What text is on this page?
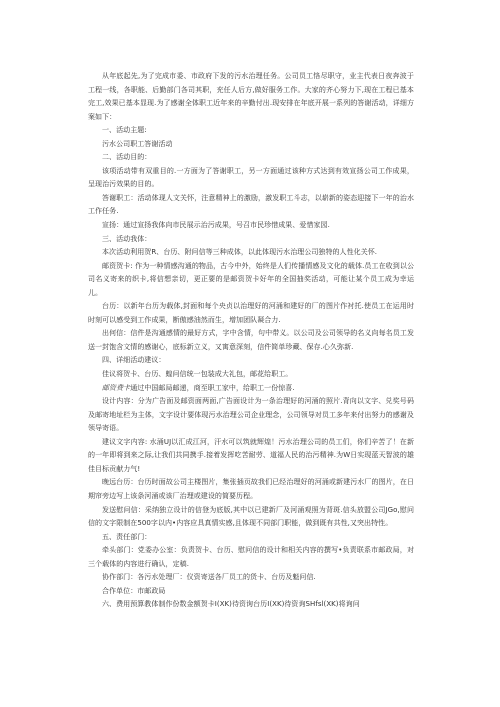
从年底起先,为了完成市委、市政府下发的污水治理任务。公司员工恪尽职守，业主代表日夜奔波于工程一线，各职能、后勤部门各司其职，充任人后方,做好服务工作。大家的齐心努力下,现在工程已基本完工,效果已基本显现.为了感谢全体职工近年来的辛勤付出.现安排在年底开展一系列的答谢活动，详细方案如下：

一、活动主题:

污水公司职工答谢活动

二、活动目的：

该项活动带有双重目的.一方面为了答谢职工，另一方面通过该种方式达到有效宣扬公司工作成果，呈现治污效果的目的。

答谢职工：活动体现人文关怀，注意精神上的激励，激发职工斗志，以崭新的姿态迎接下一年的治水工作任务.

宣扬：通过宣扬我体向市民展示治污成果，号召市民珍惜成果、爱惜家园.

三、活动我体：

本次活动利用贺R、台历、附问信等三种成体，以此体现污水治理公司独特的人性化关怀.

邮资贺卡: 作为一种情感沟通的物品，古今中外，始终是人们传播情感及文化的载体.员工在收到以公司名义寄来的织卡,将信想亲切，更正要的是邮资贺卡好年的全国抽奖活动，可能让某个员工成为幸运儿。

台历：以新年台历为载体,封面和每个央贞以治理好的河涌和建好的厂的图片作衬托.使员工在运用时时刻可以感受到工作成果，断傲感油然而生，增加团队凝合力.

出何信：信件是沟通感情的最好方式，字中含情，句中带义。以公司及公司领导的名义向每名员工发送一封饱含文情的感谢心，底标新立义，又寓意深刻，信件简单珍藏、保存.心久弥新.

四、详细活动建议：

佳议将贺卡、台历、蝗问信统一包装成大礼包，邮花给职工。

邮资费卡通过中国邮局邮递，商至职工家中，给职工一份惊喜.

设计内容：分为广告面及邮资面两面,广告面设计为一条治理好的河涌的照片.背向以文字、兑奖号码及邮寄地址栏为主体，文字设计要体现污水治理公司企业理念，公司领导对员工多年来付出努力的感谢及领导寄语。

建议文字内容: 水涌UJ以汇成江河，汗水可以筑就辉煌！污水治理公司的员工们，你们辛苦了！在新的一年即将到来之际,让我们共同携手.接着发挥吃苦耐劳、道福人民的治污精神.为W日实现蓝天智波的雄佳目标贡献力气!

晚远台历：台历时面故公司主楼图片，集张插页故我们已经治理好的河涌或新建污水厂的图片，在日期帘旁边写上该条河涌或该厂治理或建设的简要历程。

发送慰问信：采纳独立设计的信登为底版,其中以已建新厂及河涌观照为背斑.信头放盟公司JGo,慰问信的文字限制在500字以内•内容应具真情实感,且体现不同部门职能，做到既有共性,又突出特性。

五、责任部门：

牵头部门：党委办公室：负责贺卡、台历、慰问信的设计和相关内容的撰写•负责联系市邮政局，对三个载体的内容进行确认，定稿.

协作部门：各污水处理厂：仪资寄送各厂员工的货卡、台历及魁问信.

合作单位：市邮政局

六、费用预算教体制作份数金额贺卡I(XK)待资询台历I(XK)待资询SHfsl(XK)将询问
